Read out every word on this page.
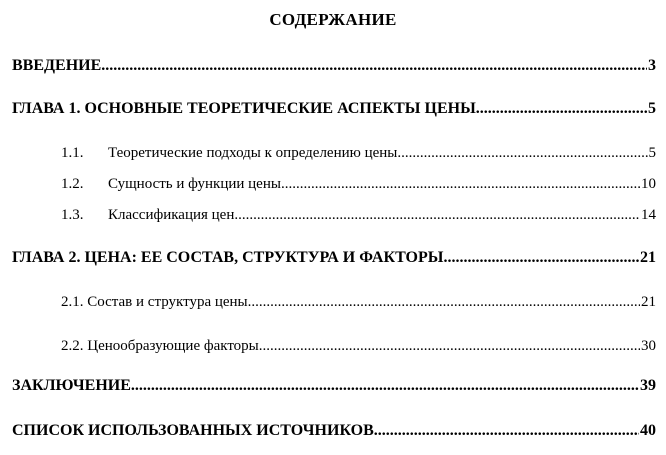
СОДЕРЖАНИЕ
ВВЕДЕНИЕ .....	3
ГЛАВА 1. ОСНОВНЫЕ ТЕОРЕТИЧЕСКИЕ АСПЕКТЫ ЦЕНЫ .....	5
1.1.	Теоретические подходы к определению цены .....	5
1.2.	Сущность и функции цены .....	10
1.3.	Классификация цен .....	14
ГЛАВА 2. ЦЕНА: ЕЕ СОСТАВ, СТРУКТУРА И ФАКТОРЫ .....	21
2.1. Состав и структура цены .....	21
2.2. Ценообразующие факторы .....	30
ЗАКЛЮЧЕНИЕ .....	39
СПИСОК ИСПОЛЬЗОВАННЫХ ИСТОЧНИКОВ .....	40
